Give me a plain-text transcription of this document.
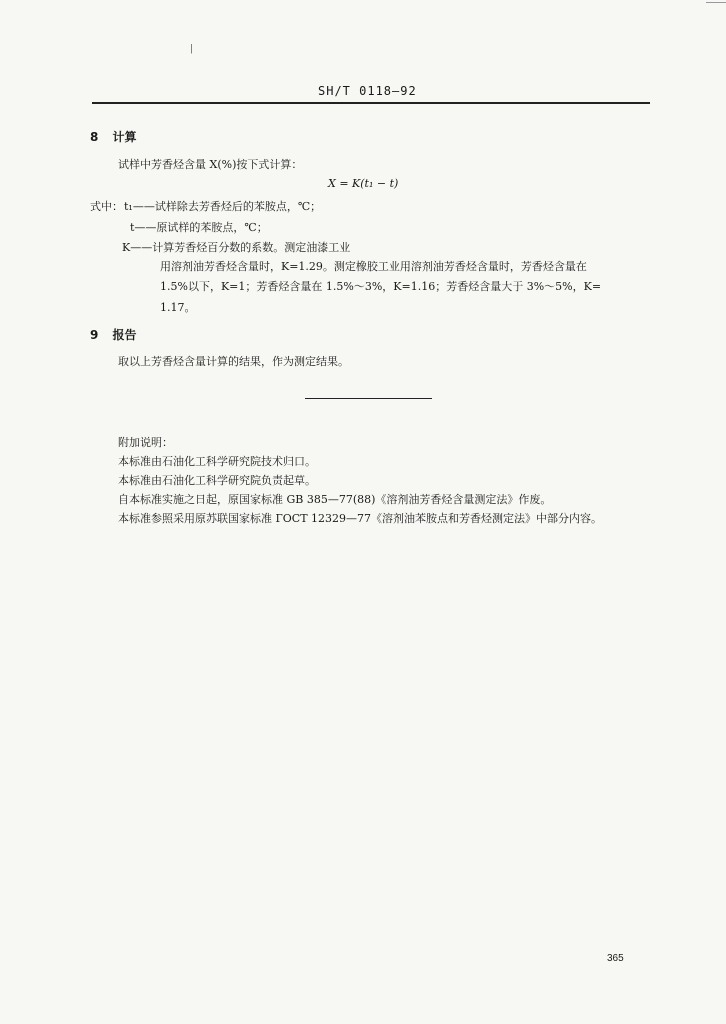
|
SH/T 0118—92
8 计算
试样中芳香烃含量 X(%)按下式计算：
X = K(t₁ − t)
式中： t₁——试样除去芳香烃后的苯胺点，℃；
t——原试样的苯胺点，℃；
K——计算芳香烃百分数的系数。测定油漆工业
用溶剂油芳香烃含量时，K=1.29。测定橡胶工业用溶剂油芳香烃含量时，芳香烃含量在
1.5%以下，K=1；芳香烃含量在 1.5%～3%，K=1.16；芳香烃含量大于 3%～5%，K=
1.17。
9 报告
取以上芳香烃含量计算的结果，作为测定结果。
附加说明：
本标准由石油化工科学研究院技术归口。
本标准由石油化工科学研究院负责起草。
自本标准实施之日起，原国家标准 GB 385—77(88)《溶剂油芳香烃含量测定法》作废。
本标准参照采用原苏联国家标准 ГОСТ 12329—77《溶剂油苯胺点和芳香烃测定法》中部分内容。
365
